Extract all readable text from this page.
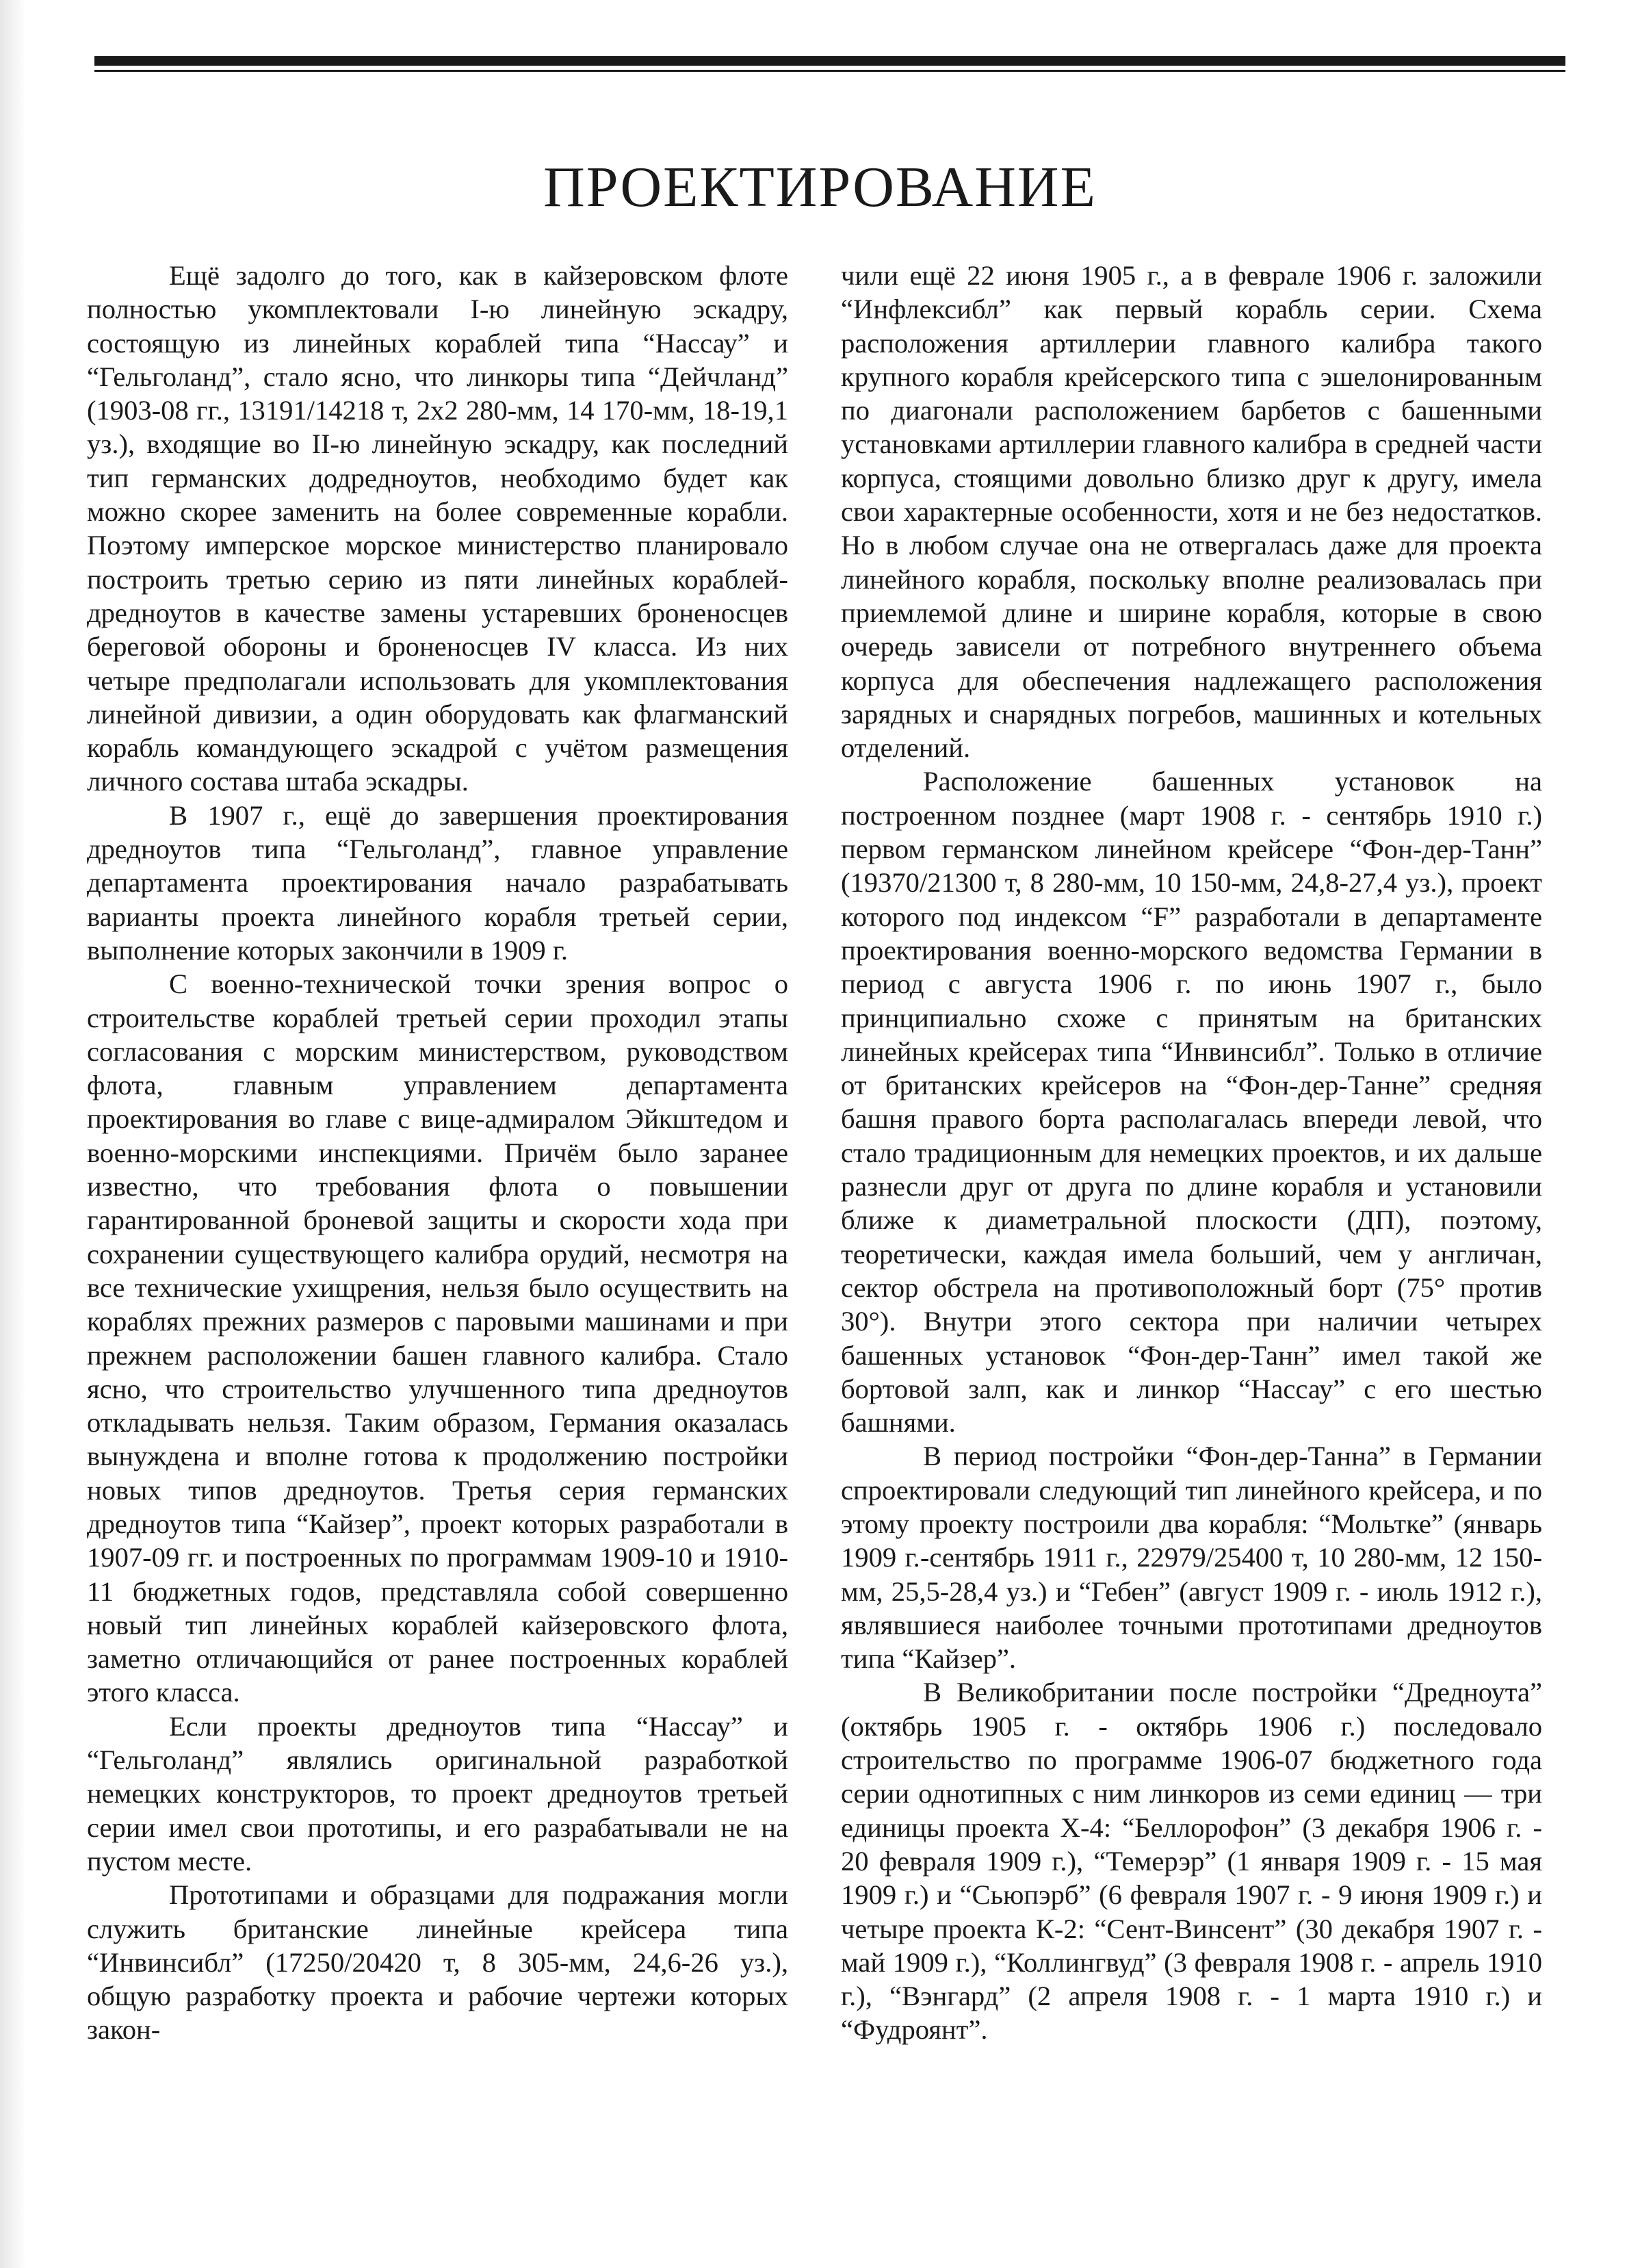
ПРОЕКТИРОВАНИЕ

Ещё задолго до того, как в кайзеровском флоте полностью укомплектовали I-ю линейную эскадру, состоящую из линейных кораблей типа “Нассау” и “Гельголанд”, стало ясно, что линкоры типа “Дейчланд” (1903-08 гг., 13191/14218 т, 2x2 280-мм, 14 170-мм, 18-19,1 уз.), входящие во II-ю линейную эскадру, как последний тип германских додредноутов, необходимо будет как можно скорее заменить на более современные корабли. Поэтому имперское морское министерство планировало построить третью серию из пяти линейных кораблей-дредноутов в качестве замены устаревших броненосцев береговой обороны и броненосцев IV класса. Из них четыре предполагали использовать для укомплектования линейной дивизии, а один оборудовать как флагманский корабль командующего эскадрой с учётом размещения личного состава штаба эскадры.

В 1907 г., ещё до завершения проектирования дредноутов типа “Гельголанд”, главное управление департамента проектирования начало разрабатывать варианты проекта линейного корабля третьей серии, выполнение которых закончили в 1909 г.

С военно-технической точки зрения вопрос о строительстве кораблей третьей серии проходил этапы согласования с морским министерством, руководством флота, главным управлением департамента проектирования во главе с вице-адмиралом Эйкштедом и военно-морскими инспекциями. Причём было заранее известно, что требования флота о повышении гарантированной броневой защиты и скорости хода при сохранении существующего калибра орудий, несмотря на все технические ухищрения, нельзя было осуществить на кораблях прежних размеров с паровыми машинами и при прежнем расположении башен главного калибра. Стало ясно, что строительство улучшенного типа дредноутов откладывать нельзя. Таким образом, Германия оказалась вынуждена и вполне готова к продолжению постройки новых типов дредноутов. Третья серия германских дредноутов типа “Кайзер”, проект которых разработали в 1907-09 гг. и построенных по программам 1909-10 и 1910-11 бюджетных годов, представляла собой совершенно новый тип линейных кораблей кайзеровского флота, заметно отличающийся от ранее построенных кораблей этого класса.

Если проекты дредноутов типа “Нассау” и “Гельголанд” являлись оригинальной разработкой немецких конструкторов, то проект дредноутов третьей серии имел свои прототипы, и его разрабатывали не на пустом месте.

Прототипами и образцами для подражания могли служить британские линейные крейсера типа “Инвинсибл” (17250/20420 т, 8 305-мм, 24,6-26 уз.), общую разработку проекта и рабочие чертежи которых закон-

чили ещё 22 июня 1905 г., а в феврале 1906 г. заложили “Инфлексибл” как первый корабль серии. Схема расположения артиллерии главного калибра такого крупного корабля крейсерского типа с эшелонированным по диагонали расположением барбетов с башенными установками артиллерии главного калибра в средней части корпуса, стоящими довольно близко друг к другу, имела свои характерные особенности, хотя и не без недостатков. Но в любом случае она не отвергалась даже для проекта линейного корабля, поскольку вполне реализовалась при приемлемой длине и ширине корабля, которые в свою очередь зависели от потребного внутреннего объема корпуса для обеспечения надлежащего расположения зарядных и снарядных погребов, машинных и котельных отделений.

Расположение башенных установок на построенном позднее (март 1908 г. - сентябрь 1910 г.) первом германском линейном крейсере “Фон-дер-Танн” (19370/21300 т, 8 280-мм, 10 150-мм, 24,8-27,4 уз.), проект которого под индексом “F” разработали в департаменте проектирования военно-морского ведомства Германии в период с августа 1906 г. по июнь 1907 г., было принципиально схоже с принятым на британских линейных крейсерах типа “Инвинсибл”. Только в отличие от британских крейсеров на “Фон-дер-Танне” средняя башня правого борта располагалась впереди левой, что стало традиционным для немецких проектов, и их дальше разнесли друг от друга по длине корабля и установили ближе к диаметральной плоскости (ДП), поэтому, теоретически, каждая имела больший, чем у англичан, сектор обстрела на противоположный борт (75° против 30°). Внутри этого сектора при наличии четырех башенных установок “Фон-дер-Танн” имел такой же бортовой залп, как и линкор “Нассау” с его шестью башнями.

В период постройки “Фон-дер-Танна” в Германии спроектировали следующий тип линейного крейсера, и по этому проекту построили два корабля: “Мольтке” (январь 1909 г.-сентябрь 1911 г., 22979/25400 т, 10 280-мм, 12 150-мм, 25,5-28,4 уз.) и “Гебен” (август 1909 г. - июль 1912 г.), являвшиеся наиболее точными прототипами дредноутов типа “Кайзер”.

В Великобритании после постройки “Дредноута” (октябрь 1905 г. - октябрь 1906 г.) последовало строительство по программе 1906-07 бюджетного года серии однотипных с ним линкоров из семи единиц — три единицы проекта Х-4: “Беллорофон” (3 декабря 1906 г. - 20 февраля 1909 г.), “Темерэр” (1 января 1909 г. - 15 мая 1909 г.) и “Сьюпэрб” (6 февраля 1907 г. - 9 июня 1909 г.) и четыре проекта К-2: “Сент-Винсент” (30 декабря 1907 г. - май 1909 г.), “Коллингвуд” (3 февраля 1908 г. - апрель 1910 г.), “Вэнгард” (2 апреля 1908 г. - 1 марта 1910 г.) и “Фудроянт”.
